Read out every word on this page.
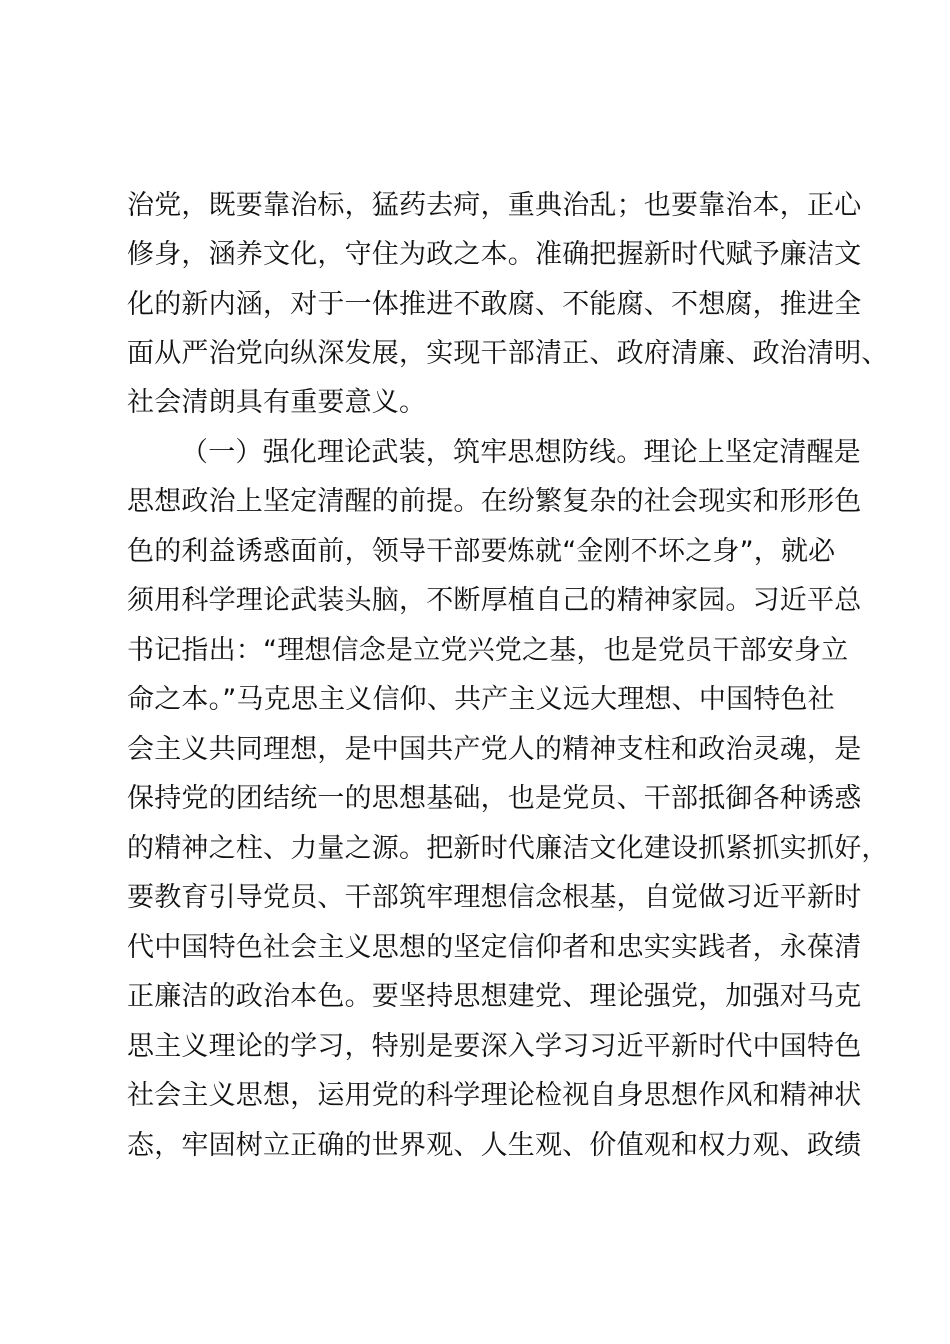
治党，既要靠治标，猛药去疴，重典治乱；也要靠治本，正心
修身，涵养文化，守住为政之本。准确把握新时代赋予廉洁文
化的新内涵，对于一体推进不敢腐、不能腐、不想腐，推进全
面从严治党向纵深发展，实现干部清正、政府清廉、政治清明、
社会清朗具有重要意义。
（一）强化理论武装，筑牢思想防线。理论上坚定清醒是
思想政治上坚定清醒的前提。在纷繁复杂的社会现实和形形色
色的利益诱惑面前，领导干部要炼就“金刚不坏之身”，就必
须用科学理论武装头脑，不断厚植自己的精神家园。习近平总
书记指出：“理想信念是立党兴党之基，也是党员干部安身立
命之本。”马克思主义信仰、共产主义远大理想、中国特色社
会主义共同理想，是中国共产党人的精神支柱和政治灵魂，是
保持党的团结统一的思想基础，也是党员、干部抵御各种诱惑
的精神之柱、力量之源。把新时代廉洁文化建设抓紧抓实抓好，
要教育引导党员、干部筑牢理想信念根基，自觉做习近平新时
代中国特色社会主义思想的坚定信仰者和忠实实践者，永葆清
正廉洁的政治本色。要坚持思想建党、理论强党，加强对马克
思主义理论的学习，特别是要深入学习习近平新时代中国特色
社会主义思想，运用党的科学理论检视自身思想作风和精神状
态，牢固树立正确的世界观、人生观、价值观和权力观、政绩
